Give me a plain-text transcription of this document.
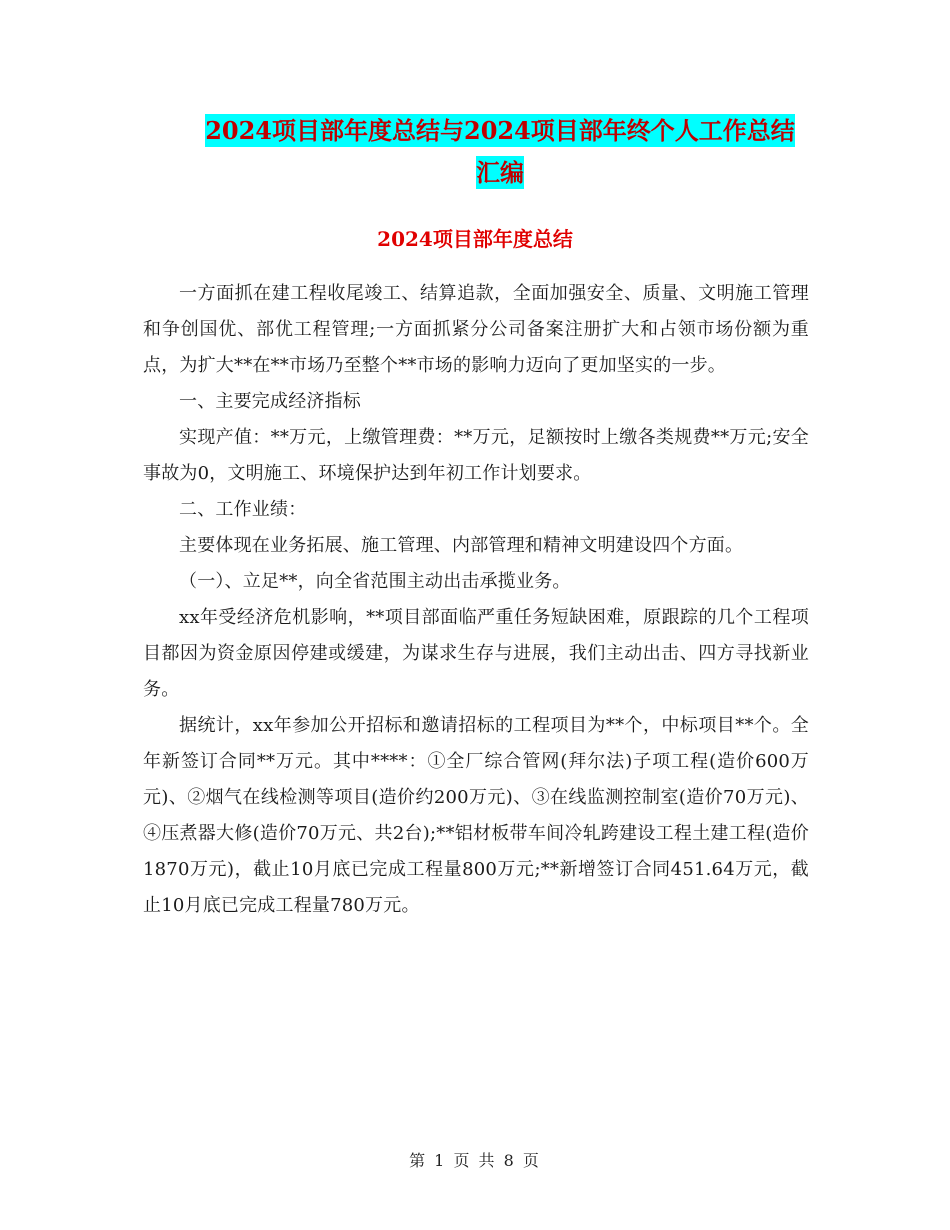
2024项目部年度总结与2024项目部年终个人工作总结
汇编
2024项目部年度总结

一方面抓在建工程收尾竣工、结算追款，全面加强安全、质量、文明施工管理和争创国优、部优工程管理;一方面抓紧分公司备案注册扩大和占领市场份额为重点，为扩大**在**市场乃至整个**市场的影响力迈向了更加坚实的一步。

一、主要完成经济指标

实现产值：**万元，上缴管理费：**万元，足额按时上缴各类规费**万元;安全事故为0，文明施工、环境保护达到年初工作计划要求。

二、工作业绩：

主要体现在业务拓展、施工管理、内部管理和精神文明建设四个方面。

（一）、立足**，向全省范围主动出击承揽业务。

xx年受经济危机影响，**项目部面临严重任务短缺困难，原跟踪的几个工程项目都因为资金原因停建或缓建，为谋求生存与进展，我们主动出击、四方寻找新业务。

据统计，xx年参加公开招标和邀请招标的工程项目为**个，中标项目**个。全年新签订合同**万元。其中****：①全厂综合管网(拜尔法)子项工程(造价600万元)、②烟气在线检测等项目(造价约200万元)、③在线监测控制室(造价70万元)、④压煮器大修(造价70万元、共2台);**铝材板带车间冷轧跨建设工程土建工程(造价1870万元)，截止10月底已完成工程量800万元;**新增签订合同451.64万元，截止10月底已完成工程量780万元。

第 1 页 共 8 页
